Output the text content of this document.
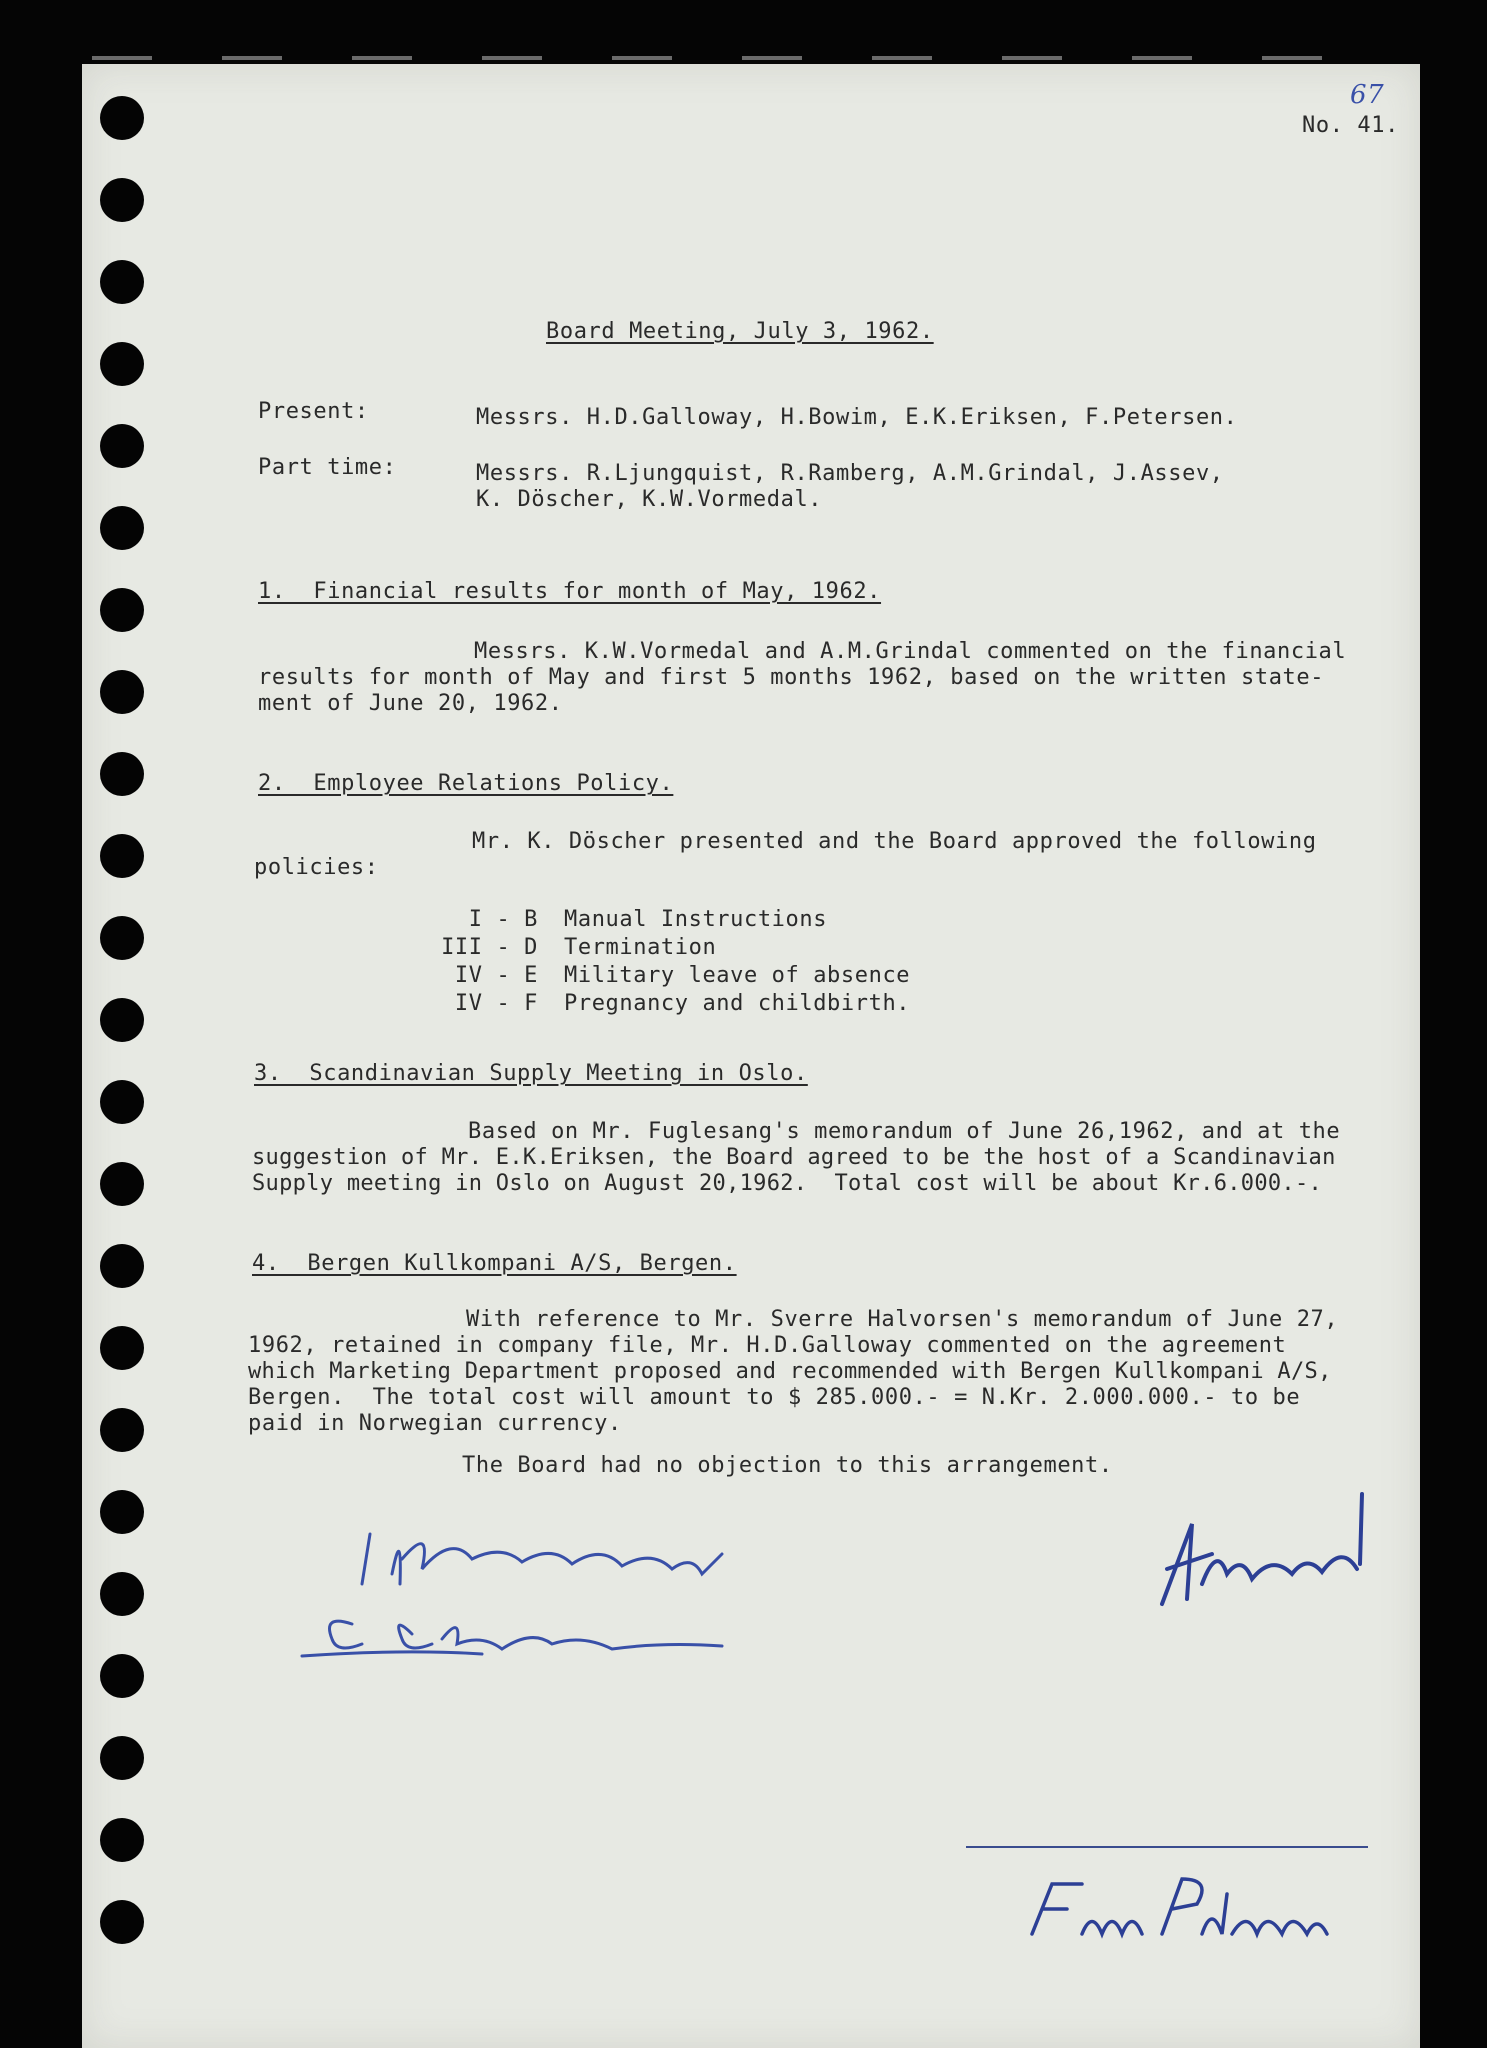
67
No. 41.
Board Meeting, July 3, 1962.
Present:	Messrs. H.D.Galloway, H.Bowim, E.K.Eriksen, F.Petersen.
Part time:	Messrs. R.Ljungquist, R.Ramberg, A.M.Grindal, J.Assev,
K. Döscher, K.W.Vormedal.
1.  Financial results for month of May, 1962.
Messrs. K.W.Vormedal and A.M.Grindal commented on the financial
results for month of May and first 5 months 1962, based on the written state-
ment of June 20, 1962.
2.  Employee Relations Policy.
Mr. K. Döscher presented and the Board approved the following
policies:
I - B Manual Instructions
III - D Termination
IV - E Military leave of absence
IV - F Pregnancy and childbirth.
3.  Scandinavian Supply Meeting in Oslo.
Based on Mr. Fuglesang's memorandum of June 26,1962, and at the
suggestion of Mr. E.K.Eriksen, the Board agreed to be the host of a Scandinavian
Supply meeting in Oslo on August 20,1962.  Total cost will be about Kr.6.000.-.
4.  Bergen Kullkompani A/S, Bergen.
With reference to Mr. Sverre Halvorsen's memorandum of June 27,
1962, retained in company file, Mr. H.D.Galloway commented on the agreement
which Marketing Department proposed and recommended with Bergen Kullkompani A/S,
Bergen.  The total cost will amount to $ 285.000.- = N.Kr. 2.000.000.- to be
paid in Norwegian currency.
The Board had no objection to this arrangement.
